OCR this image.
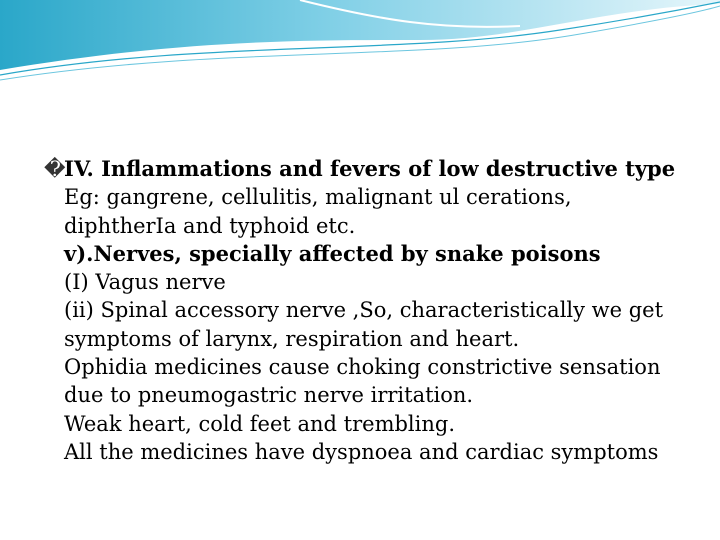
�IV. Inflammations and fevers of low destructive type

Eg: gangrene, cellulitis, malignant ul cerations, diphtherIa and typhoid etc.

v).Nerves, specially affected by snake poisons

(I) Vagus nerve

(ii) Spinal accessory nerve ,So, characteristically we get symptoms of larynx, respiration and heart.

Ophidia medicines cause choking constrictive sensation due to pneumogastric nerve irritation.

Weak heart, cold feet and trembling.

All the medicines have dyspnoea and cardiac symptoms
